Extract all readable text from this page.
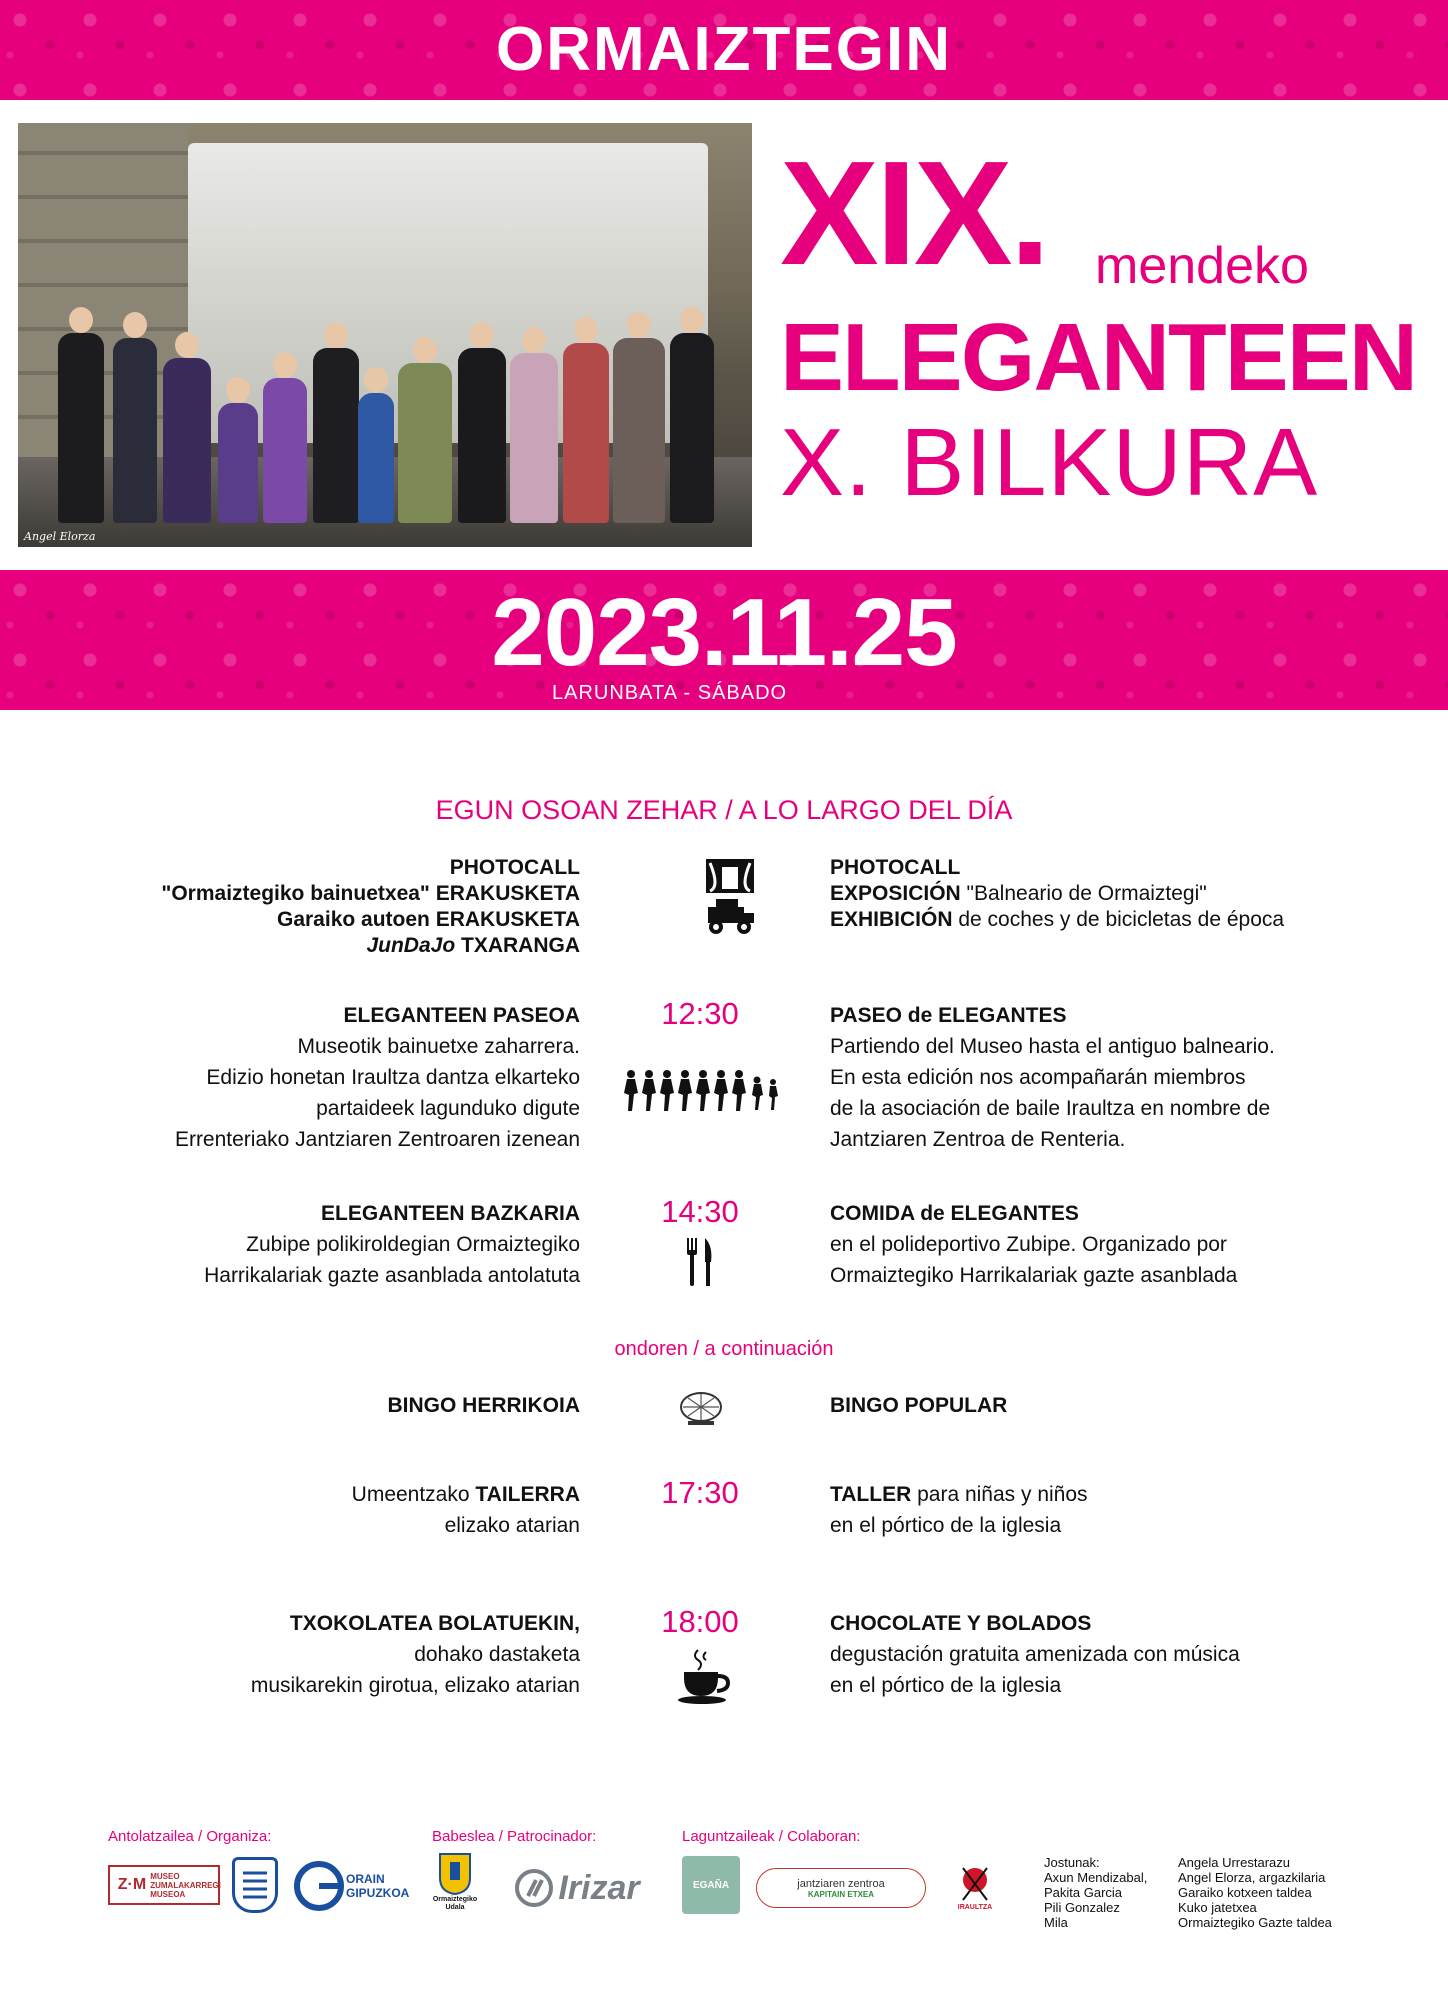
ORMAIZTEGIN
Angel Elorza
XIX. mendeko
ELEGANTEEN
X. BILKURA
2023.11.25
LARUNBATA - SÁBADO
EGUN OSOAN ZEHAR / A LO LARGO DEL DÍA
PHOTOCALL
"Ormaiztegiko bainuetxea" ERAKUSKETA
Garaiko autoen ERAKUSKETA
JunDaJo TXARANGA
PHOTOCALL
EXPOSICIÓN "Balneario de Ormaiztegi"
EXHIBICIÓN de coches y de bicicletas de época
12:30
ELEGANTEEN PASEOA
Museotik bainuetxe zaharrera.
Edizio honetan Iraultza dantza elkarteko
partaideek lagunduko digute
Errenteriako Jantziaren Zentroaren izenean
PASEO de ELEGANTES
Partiendo del Museo hasta el antiguo balneario.
En esta edición nos acompañarán miembros
de la asociación de baile Iraultza en nombre de
Jantziaren Zentroa de Renteria.
14:30
ELEGANTEEN BAZKARIA
Zubipe polikiroldegian Ormaiztegiko
Harrikalariak gazte asanblada antolatuta
COMIDA de ELEGANTES
en el polideportivo Zubipe. Organizado por
Ormaiztegiko Harrikalariak gazte asanblada
ondoren / a continuación
BINGO HERRIKOIA	BINGO POPULAR
17:30
Umeentzako TAILERRA
elizako atarian
TALLER para niñas y niños
en el pórtico de la iglesia
18:00
TXOKOLATEA BOLATUEKIN,
dohako dastaketa
musikarekin girotua, elizako atarian
CHOCOLATE Y BOLADOS
degustación gratuita amenizada con música
en el pórtico de la iglesia
Antolatzailea / Organiza:	Babeslea / Patrocinador:	Laguntzaileak / Colaboran:
Z·M MUSEO ZUMALAKARREGI MUSEOA
ORAIN GIPUZKOA	Ormaiztegiko Udala
Irizar	EGAÑA	jantziaren zentroa
KAPITAIN ETXEA
IRAULTZA
Jostunak:
Axun Mendizabal,
Pakita Garcia
Pili Gonzalez
Mila
Angela Urrestarazu
Angel Elorza, argazkilaria
Garaiko kotxeen taldea
Kuko jatetxea
Ormaiztegiko Gazte taldea
